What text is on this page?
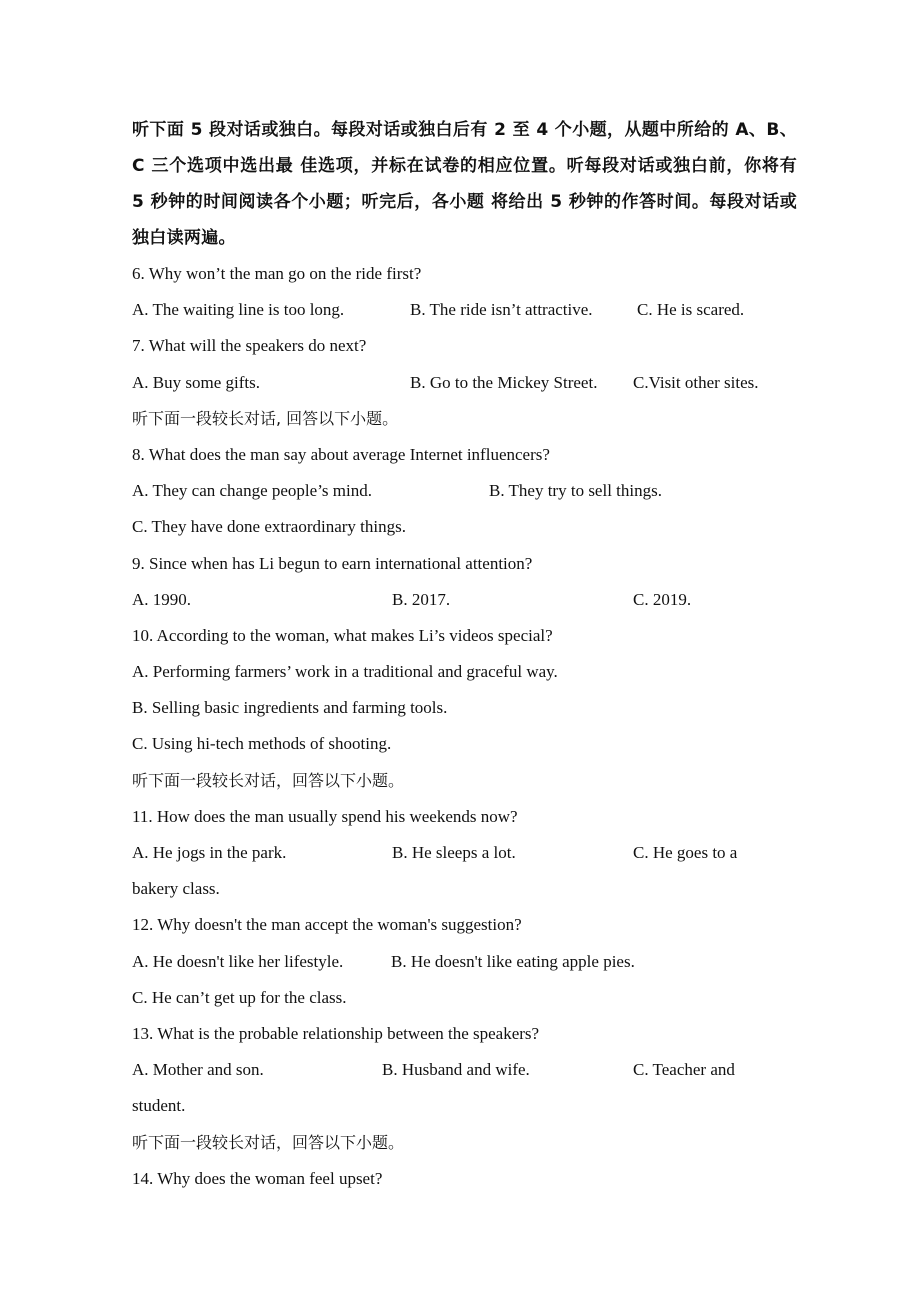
听下面 5 段对话或独白。每段对话或独白后有 2 至 4 个小题，从题中所给的 A、B、C 三个选项中选出最 佳选项，并标在试卷的相应位置。听每段对话或独白前，你将有 5 秒钟的时间阅读各个小题；听完后，各小题 将给出 5 秒钟的作答时间。每段对话或独白读两遍。

6. Why won’t the man go on the ride first?
A. The waiting line is too long.	B. The ride isn’t attractive.	C. He is scared.
7. What will the speakers do next?
A. Buy some gifts.	B. Go to the Mickey Street. C.Visit other sites.
听下面一段较长对话, 回答以下小题。
8. What does the man say about average Internet influencers?
A. They can change people’s mind.	B. They try to sell things.
C. They have done extraordinary things.
9. Since when has Li begun to earn international attention?
A. 1990.	B. 2017.	C. 2019.
10. According to the woman, what makes Li’s videos special?
A. Performing farmers’ work in a traditional and graceful way.
B. Selling basic ingredients and farming tools.
C. Using hi-tech methods of shooting.
听下面一段较长对话，回答以下小题。
11. How does the man usually spend his weekends now?
A. He jogs in the park.	B. He sleeps a lot.	C. He goes to a
bakery class.
12. Why doesn't the man accept the woman's suggestion?
A. He doesn't like her lifestyle.	B. He doesn't like eating apple pies.
C. He can’t get up for the class.
13. What is the probable relationship between the speakers?
A. Mother and son.	B. Husband and wife.	C. Teacher and
student.
听下面一段较长对话，回答以下小题。
14. Why does the woman feel upset?
